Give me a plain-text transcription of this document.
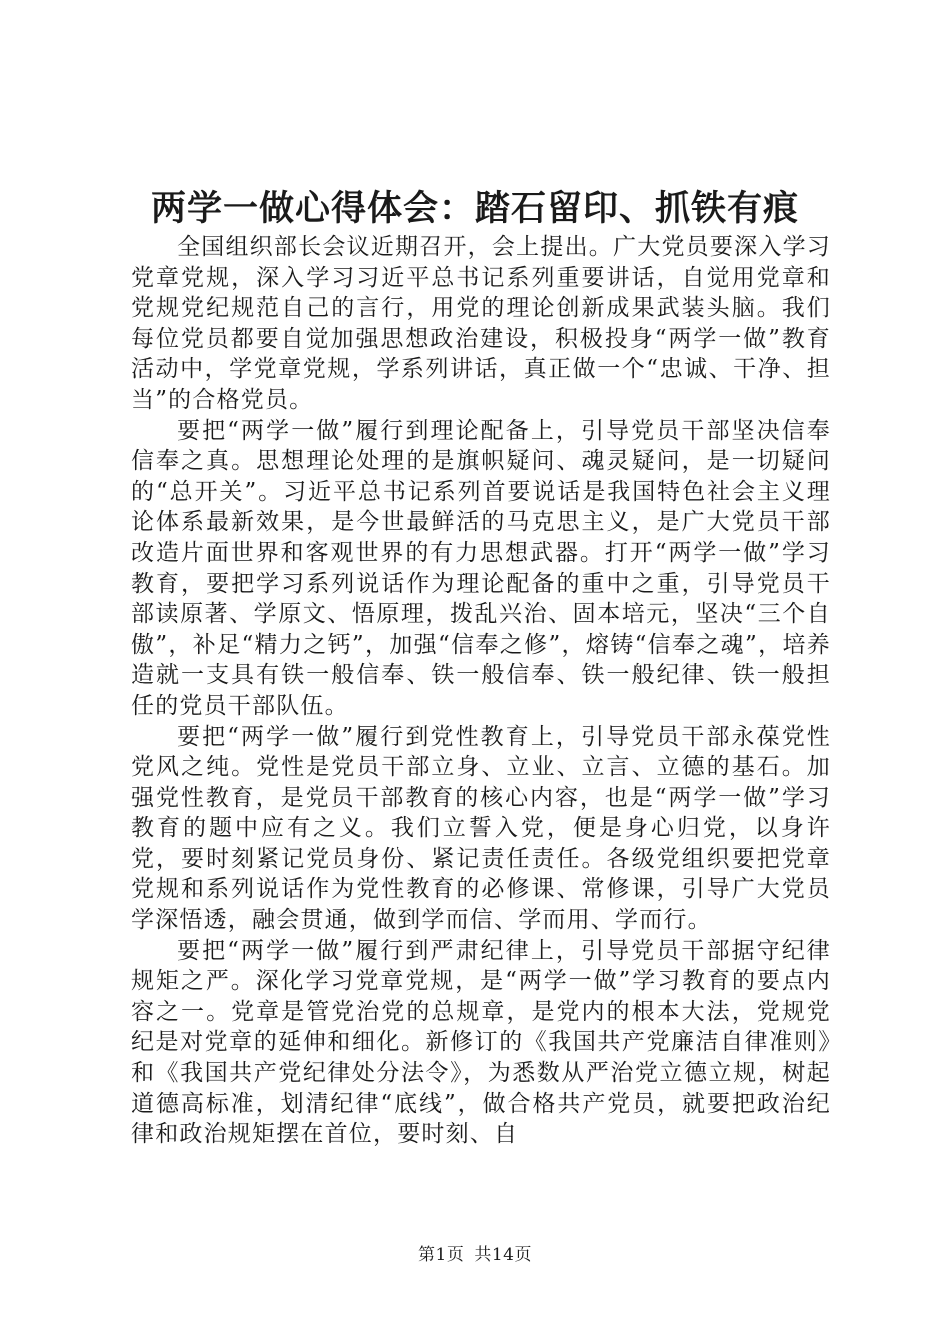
两学一做心得体会：踏石留印、抓铁有痕

全国组织部长会议近期召开，会上提出。广大党员要深入学习党章党规，深入学习习近平总书记系列重要讲话，自觉用党章和党规党纪规范自己的言行，用党的理论创新成果武装头脑。我们每位党员都要自觉加强思想政治建设，积极投身“两学一做”教育活动中，学党章党规，学系列讲话，真正做一个“忠诚、干净、担当”的合格党员。

要把“两学一做”履行到理论配备上，引导党员干部坚决信奉信奉之真。思想理论处理的是旗帜疑问、魂灵疑问，是一切疑问的“总开关”。习近平总书记系列首要说话是我国特色社会主义理论体系最新效果，是今世最鲜活的马克思主义，是广大党员干部改造片面世界和客观世界的有力思想武器。打开“两学一做”学习教育，要把学习系列说话作为理论配备的重中之重，引导党员干部读原著、学原文、悟原理，拨乱兴治、固本培元，坚决“三个自傲”，补足“精力之钙”，加强“信奉之修”，熔铸“信奉之魂”，培养造就一支具有铁一般信奉、铁一般信奉、铁一般纪律、铁一般担任的党员干部队伍。

要把“两学一做”履行到党性教育上，引导党员干部永葆党性党风之纯。党性是党员干部立身、立业、立言、立德的基石。加强党性教育，是党员干部教育的核心内容，也是“两学一做”学习教育的题中应有之义。我们立誓入党，便是身心归党，以身许党，要时刻紧记党员身份、紧记责任责任。各级党组织要把党章党规和系列说话作为党性教育的必修课、常修课，引导广大党员学深悟透，融会贯通，做到学而信、学而用、学而行。

要把“两学一做”履行到严肃纪律上，引导党员干部据守纪律规矩之严。深化学习党章党规，是“两学一做”学习教育的要点内容之一。党章是管党治党的总规章，是党内的根本大法，党规党纪是对党章的延伸和细化。新修订的《我国共产党廉洁自律准则》和《我国共产党纪律处分法令》，为悉数从严治党立德立规，树起道德高标准，划清纪律“底线”，做合格共产党员，就要把政治纪律和政治规矩摆在首位，要时刻、自

第1页 共14页
